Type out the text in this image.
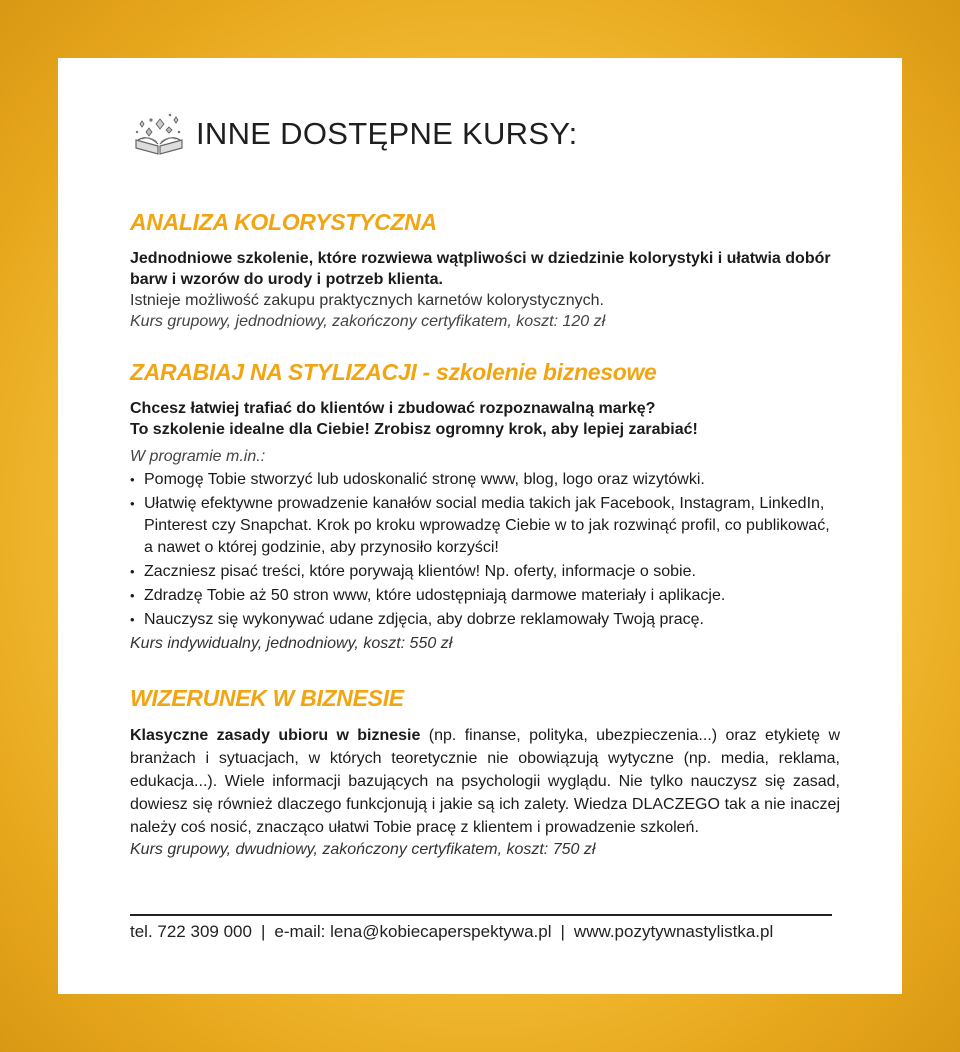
INNE DOSTĘPNE KURSY:
ANALIZA KOLORYSTYCZNA

Jednodniowe szkolenie, które rozwiewa wątpliwości w dziedzinie kolorystyki i ułatwia dobór barw i wzorów do urody i potrzeb klienta.

Istnieje możliwość zakupu praktycznych karnetów kolorystycznych.

Kurs grupowy, jednodniowy, zakończony certyfikatem, koszt: 120 zł

ZARABIAJ NA STYLIZACJI - szkolenie biznesowe

Chcesz łatwiej trafiać do klientów i zbudować rozpoznawalną markę?

To szkolenie idealne dla Ciebie! Zrobisz ogromny krok, aby lepiej zarabiać!

W programie m.in.:

• Pomogę Tobie stworzyć lub udoskonalić stronę www, blog, logo oraz wizytówki.
• Ułatwię efektywne prowadzenie kanałów social media takich jak Facebook, Instagram, LinkedIn, Pinterest czy Snapchat. Krok po kroku wprowadzę Ciebie w to jak rozwinąć profil, co publikować, a nawet o której godzinie, aby przynosiło korzyści!
• Zaczniesz pisać treści, które porywają klientów! Np. oferty, informacje o sobie.
• Zdradzę Tobie aż 50 stron www, które udostępniają darmowe materiały i aplikacje.
• Nauczysz się wykonywać udane zdjęcia, aby dobrze reklamowały Twoją pracę.

Kurs indywidualny, jednodniowy, koszt: 550 zł

WIZERUNEK W BIZNESIE

Klasyczne zasady ubioru w biznesie (np. finanse, polityka, ubezpieczenia...) oraz etykietę w branżach i sytuacjach, w których teoretycznie nie obowiązują wytyczne (np. media, reklama, edukacja...). Wiele informacji bazujących na psychologii wyglądu. Nie tylko nauczysz się zasad, dowiesz się również dlaczego funkcjonują i jakie są ich zalety. Wiedza DLACZEGO tak a nie inaczej należy coś nosić, znacząco ułatwi Tobie pracę z klientem i prowadzenie szkoleń.

Kurs grupowy, dwudniowy, zakończony certyfikatem, koszt: 750 zł

tel. 722 309 000 | e-mail: lena@kobiecaperspektywa.pl | www.pozytywnastylistka.pl
